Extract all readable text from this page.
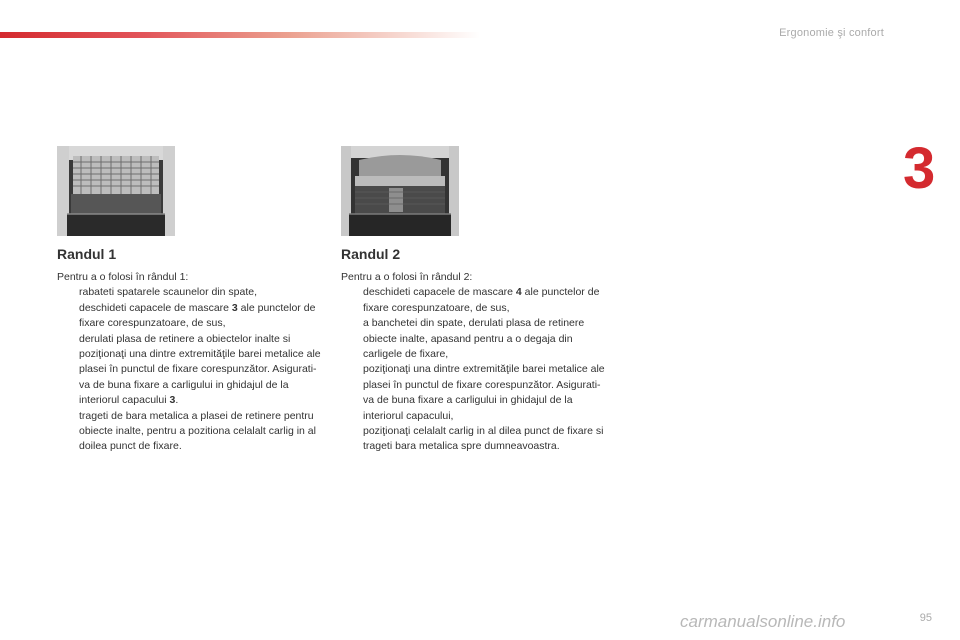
Ergonomie şi confort
3
Randul 1
Pentru a o folosi în rândul 1:
rabateti spatarele scaunelor din spate,
deschideti capacele de mascare 3 ale punctelor de fixare corespunzatoare, de sus,
derulati plasa de retinere a obiectelor inalte si poziţionaţi una dintre extremităţile barei metalice ale plasei în punctul de fixare corespunzător. Asigurati-va de buna fixare a carligului in ghidajul de la interiorul capacului 3.
trageti de bara metalica a plasei de retinere pentru obiecte inalte, pentru a pozitiona celalalt carlig in al doilea punct de fixare.
Randul 2
Pentru a o folosi în rândul 2:
deschideti capacele de mascare 4 ale punctelor de fixare corespunzatoare, de sus,
a banchetei din spate, derulati plasa de retinere obiecte inalte, apasand pentru a o degaja din carligele de fixare,
poziţionaţi una dintre extremităţile barei metalice ale plasei în punctul de fixare corespunzător. Asigurati-va de buna fixare a carligului in ghidajul de la interiorul capacului,
poziţionaţi celalalt carlig in al dilea punct de fixare si trageti bara metalica spre dumneavoastra.
carmanualsonline.info	95
